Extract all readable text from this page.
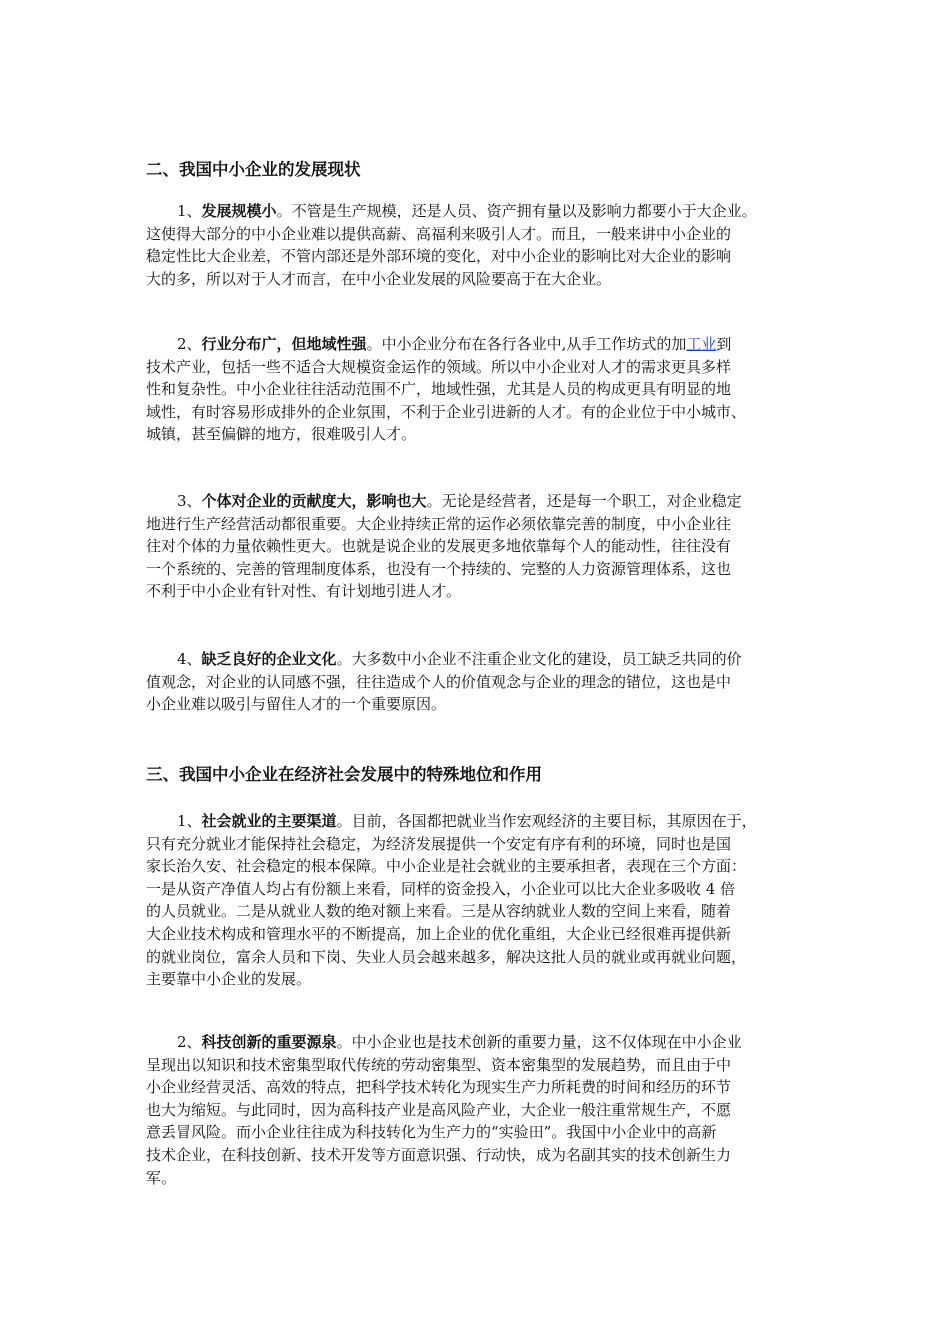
二、我国中小企业的发展现状
1、发展规模小。不管是生产规模，还是人员、资产拥有量以及影响力都要小于大企业。
这使得大部分的中小企业难以提供高薪、高福利来吸引人才。而且，一般来讲中小企业的
稳定性比大企业差，不管内部还是外部环境的变化，对中小企业的影响比对大企业的影响
大的多，所以对于人才而言，在中小企业发展的风险要高于在大企业。
2、行业分布广，但地域性强。中小企业分布在各行各业中,从手工作坊式的加工业到
技术产业，包括一些不适合大规模资金运作的领域。所以中小企业对人才的需求更具多样
性和复杂性。中小企业往往活动范围不广，地域性强，尤其是人员的构成更具有明显的地
域性，有时容易形成排外的企业氛围，不利于企业引进新的人才。有的企业位于中小城市、
城镇，甚至偏僻的地方，很难吸引人才。
3、个体对企业的贡献度大，影响也大。无论是经营者，还是每一个职工，对企业稳定
地进行生产经营活动都很重要。大企业持续正常的运作必须依靠完善的制度，中小企业往
往对个体的力量依赖性更大。也就是说企业的发展更多地依靠每个人的能动性，往往没有
一个系统的、完善的管理制度体系，也没有一个持续的、完整的人力资源管理体系，这也
不利于中小企业有针对性、有计划地引进人才。
4、缺乏良好的企业文化。大多数中小企业不注重企业文化的建设，员工缺乏共同的价
值观念，对企业的认同感不强，往往造成个人的价值观念与企业的理念的错位，这也是中
小企业难以吸引与留住人才的一个重要原因。
三、我国中小企业在经济社会发展中的特殊地位和作用
1、社会就业的主要渠道。目前，各国都把就业当作宏观经济的主要目标，其原因在于，
只有充分就业才能保持社会稳定，为经济发展提供一个安定有序有利的环境，同时也是国
家长治久安、社会稳定的根本保障。中小企业是社会就业的主要承担者，表现在三个方面：
一是从资产净值人均占有份额上来看，同样的资金投入，小企业可以比大企业多吸收 4 倍
的人员就业。二是从就业人数的绝对额上来看。三是从容纳就业人数的空间上来看，随着
大企业技术构成和管理水平的不断提高，加上企业的优化重组，大企业已经很难再提供新
的就业岗位，富余人员和下岗、失业人员会越来越多，解决这批人员的就业或再就业问题，
主要靠中小企业的发展。
2、科技创新的重要源泉。中小企业也是技术创新的重要力量，这不仅体现在中小企业
呈现出以知识和技术密集型取代传统的劳动密集型、资本密集型的发展趋势，而且由于中
小企业经营灵活、高效的特点，把科学技术转化为现实生产力所耗费的时间和经历的环节
也大为缩短。与此同时，因为高科技产业是高风险产业，大企业一般注重常规生产，不愿
意丢冒风险。而小企业往往成为科技转化为生产力的“实验田”。我国中小企业中的高新
技术企业，在科技创新、技术开发等方面意识强、行动快，成为名副其实的技术创新生力
军。
